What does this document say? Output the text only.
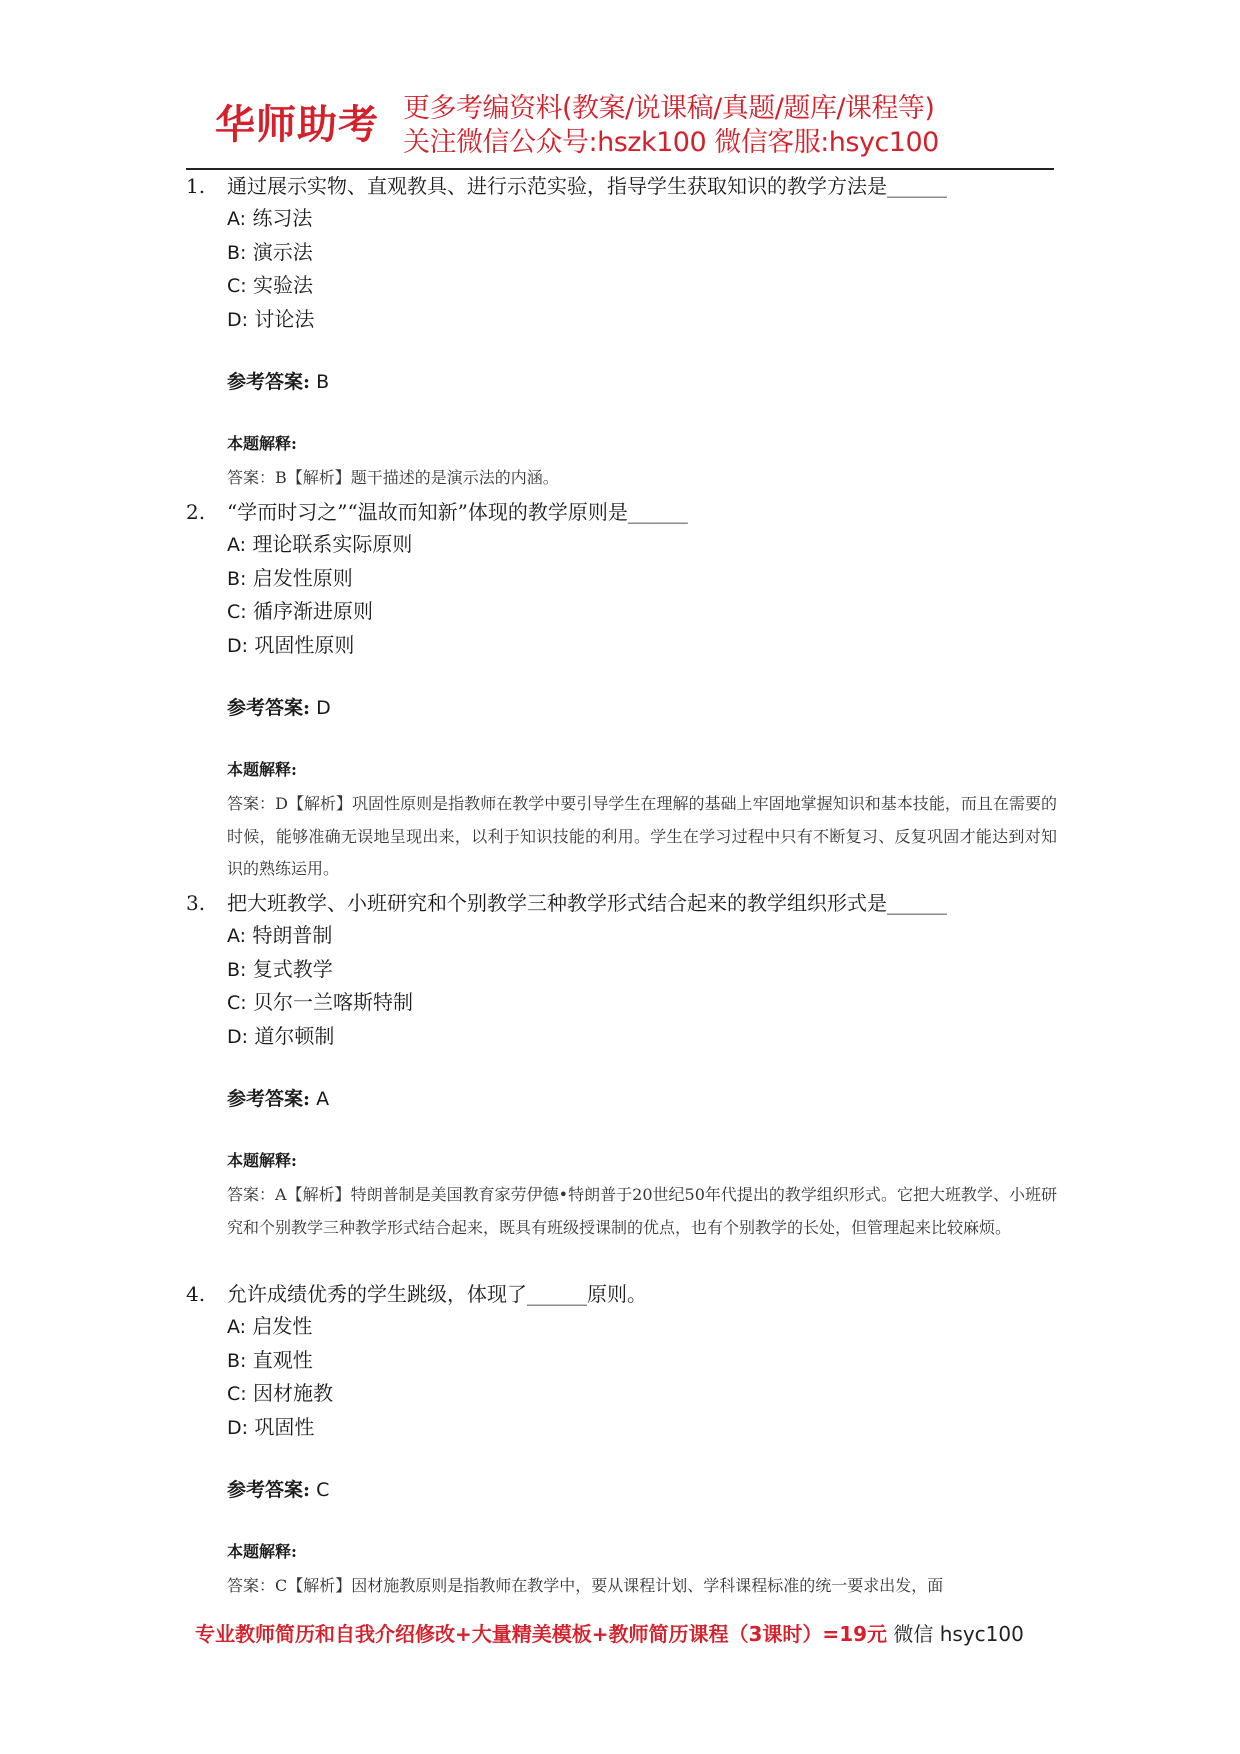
华师助考 更多考编资料(教案/说课稿/真题/题库/课程等)
关注微信公众号:hszk100 微信客服:hsyc100
1.	通过展示实物、直观教具、进行示范实验，指导学生获取知识的教学方法是______
A: 练习法
B: 演示法
C: 实验法
D: 讨论法
参考答案: B
本题解释:
答案：B【解析】题干描述的是演示法的内涵。
2.	“学而时习之”“温故而知新”体现的教学原则是______
A: 理论联系实际原则
B: 启发性原则
C: 循序渐进原则
D: 巩固性原则
参考答案: D
本题解释:
答案：D【解析】巩固性原则是指教师在教学中要引导学生在理解的基础上牢固地掌握知识和基本技能，而且在需要的时候，能够准确无误地呈现出来，以利于知识技能的利用。学生在学习过程中只有不断复习、反复巩固才能达到对知识的熟练运用。
3.	把大班教学、小班研究和个别教学三种教学形式结合起来的教学组织形式是______
A: 特朗普制
B: 复式教学
C: 贝尔一兰喀斯特制
D: 道尔顿制
参考答案: A
本题解释:
答案：A【解析】特朗普制是美国教育家劳伊德•特朗普于20世纪50年代提出的教学组织形式。它把大班教学、小班研究和个别教学三种教学形式结合起来，既具有班级授课制的优点，也有个别教学的长处，但管理起来比较麻烦。
4.	允许成绩优秀的学生跳级，体现了______原则。
A: 启发性
B: 直观性
C: 因材施教
D: 巩固性
参考答案: C
本题解释:
答案：C【解析】因材施教原则是指教师在教学中，要从课程计划、学科课程标准的统一要求出发，面
专业教师简历和自我介绍修改+大量精美模板+教师简历课程（3课时）=19元 微信 hsyc100
